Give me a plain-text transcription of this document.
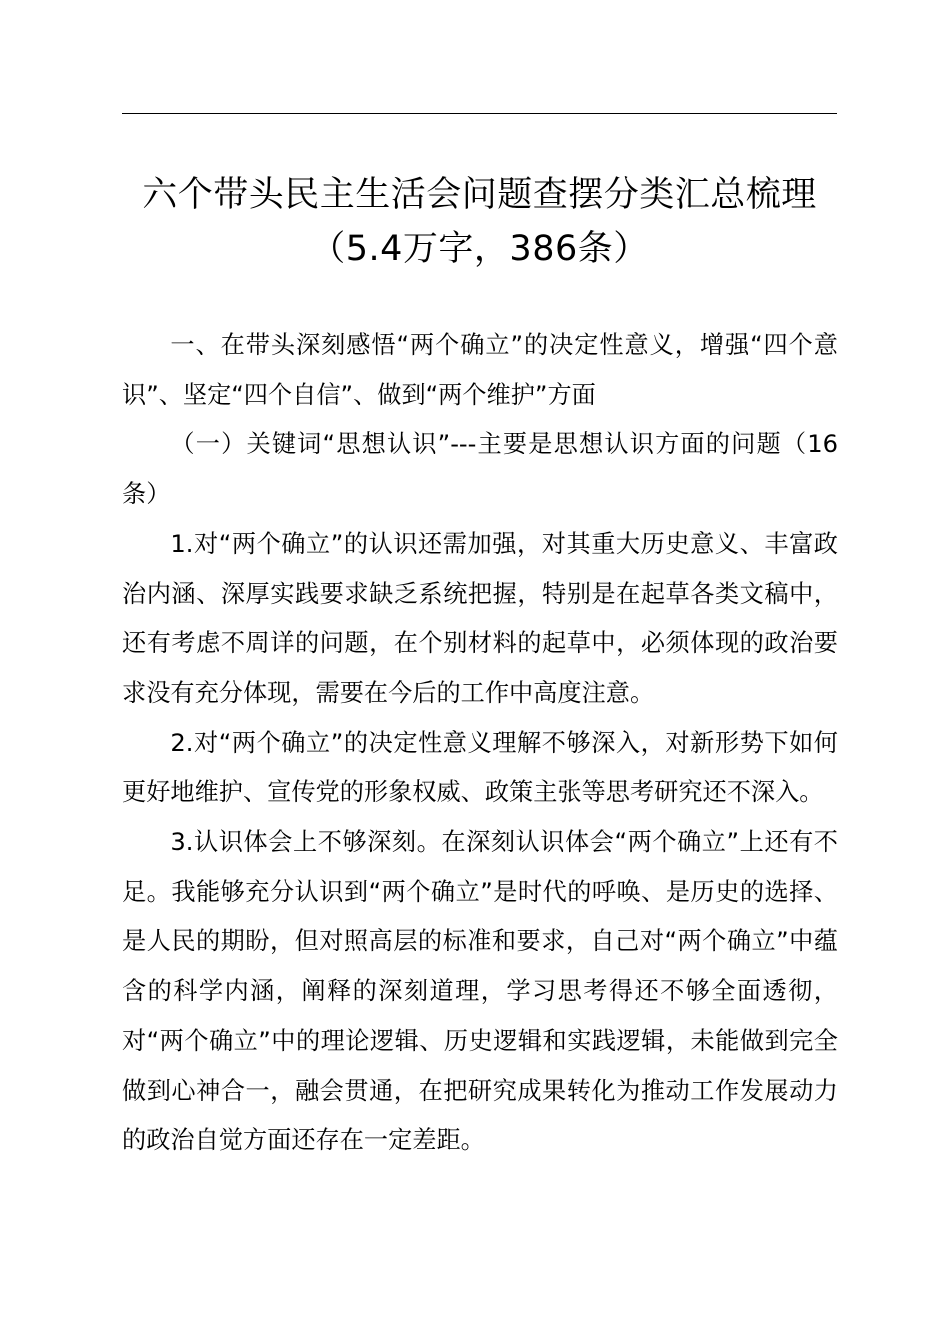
六个带头民主生活会问题查摆分类汇总梳理
（5.4万字，386条）

一、在带头深刻感悟“两个确立”的决定性意义，增强“四个意识”、坚定“四个自信”、做到“两个维护”方面

（一）关键词“思想认识”---主要是思想认识方面的问题（16条）

1.对“两个确立”的认识还需加强，对其重大历史意义、丰富政治内涵、深厚实践要求缺乏系统把握，特别是在起草各类文稿中，还有考虑不周详的问题，在个别材料的起草中，必须体现的政治要求没有充分体现，需要在今后的工作中高度注意。

2.对“两个确立”的决定性意义理解不够深入，对新形势下如何更好地维护、宣传党的形象权威、政策主张等思考研究还不深入。

3.认识体会上不够深刻。在深刻认识体会“两个确立”上还有不足。我能够充分认识到“两个确立”是时代的呼唤、是历史的选择、是人民的期盼，但对照高层的标准和要求，自己对“两个确立”中蕴含的科学内涵，阐释的深刻道理，学习思考得还不够全面透彻，对“两个确立”中的理论逻辑、历史逻辑和实践逻辑，未能做到完全做到心神合一，融会贯通，在把研究成果转化为推动工作发展动力的政治自觉方面还存在一定差距。
